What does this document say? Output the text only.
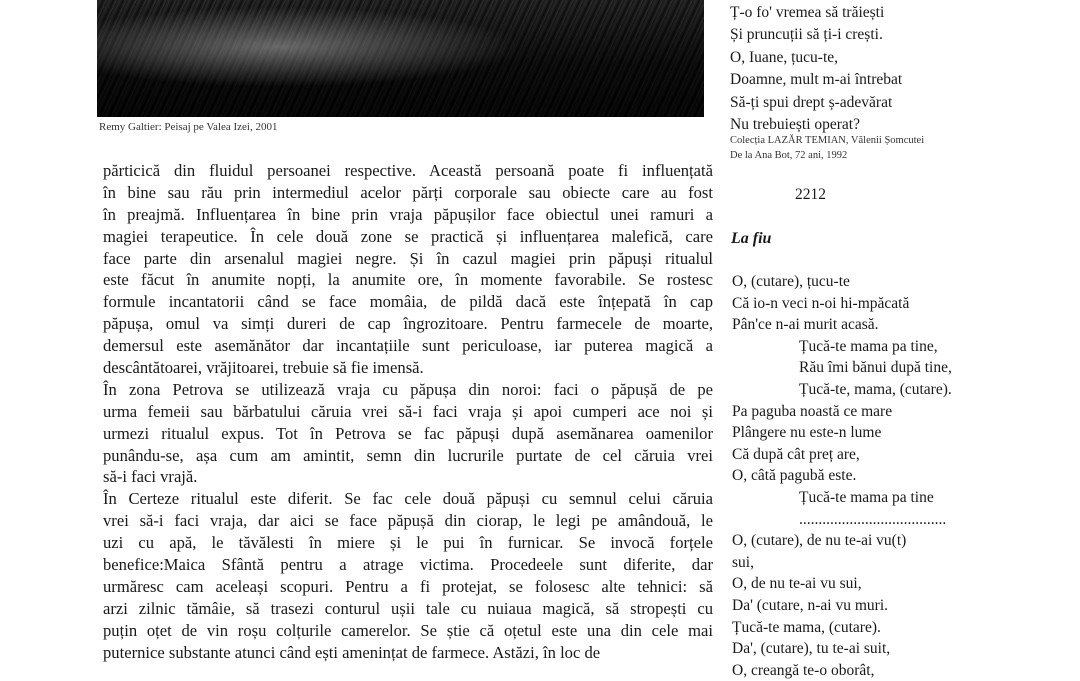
Remy Galtier: Peisaj pe Valea Izei, 2001
părticică din fluidul persoanei respective. Această persoană poate fi influențată
în bine sau rău prin intermediul acelor părți corporale sau obiecte care au fost
în preajmă. Influențarea în bine prin vraja păpușilor face obiectul unei ramuri a
magiei terapeutice. În cele două zone se practică și influențarea malefică, care
face parte din arsenalul magiei negre. Și în cazul magiei prin păpuși ritualul
este făcut în anumite nopți, la anumite ore, în momente favorabile. Se rostesc
formule incantatorii când se face momâia, de pildă dacă este înțepată în cap
păpușa, omul va simți dureri de cap îngrozitoare. Pentru farmecele de moarte,
demersul este asemănător dar incantațiile sunt periculoase, iar puterea magică a
descântătoarei, vrăjitoarei, trebuie să fie imensă.
În zona Petrova se utilizează vraja cu păpușa din noroi: faci o păpușă de pe
urma femeii sau bărbatului căruia vrei să-i faci vraja și apoi cumperi ace noi și
urmezi ritualul expus. Tot în Petrova se fac păpuși după asemănarea oamenilor
punându-se, așa cum am amintit, semn din lucrurile purtate de cel căruia vrei
să-i faci vrajă.
În Certeze ritualul este diferit. Se fac cele două păpuși cu semnul celui căruia
vrei să-i faci vraja, dar aici se face păpușă din ciorap, le legi pe amândouă, le
uzi cu apă, le tăvălesti în miere și le pui în furnicar. Se invocă forțele
benefice:Maica Sfântă pentru a atrage victima. Procedeele sunt diferite, dar
urmăresc cam aceleași scopuri. Pentru a fi protejat, se folosesc alte tehnici: să
arzi zilnic tămâie, să trasezi conturul ușii tale cu nuiaua magică, să stropești cu
puțin oțet de vin roșu colțurile camerelor. Se știe că oțetul este una din cele mai
puternice substante atunci când ești amenințat de farmece. Astăzi, în loc de
Ț-o fo' vremea să trăiești
Și pruncuții să ți-i crești.
O, Iuane, țucu-te,
Doamne, mult m-ai întrebat
Să-ți spui drept ș-adevărat
Nu trebuiești operat?
Colecția LAZĂR TEMIAN, Vălenii Șomcutei
De la Ana Bot, 72 ani, 1992
2212
La fiu
O, (cutare), țucu-te
Că io-n veci n-oi hi-mpăcată
Pân'ce n-ai murit acasă.
Țucă-te mama pa tine,
Rău îmi bănui după tine,
Țucă-te, mama, (cutare).
Pa paguba noastă ce mare
Plângere nu este-n lume
Că după cât preț are,
O, câtă pagubă este.
Țucă-te mama pa tine
......................................
O, (cutare), de nu te-ai vu(t)
sui,
O, de nu te-ai vu sui,
Da' (cutare, n-ai vu muri.
Țucă-te mama, (cutare).
Da', (cutare), tu te-ai suit,
O, creangă te-o oborât,
